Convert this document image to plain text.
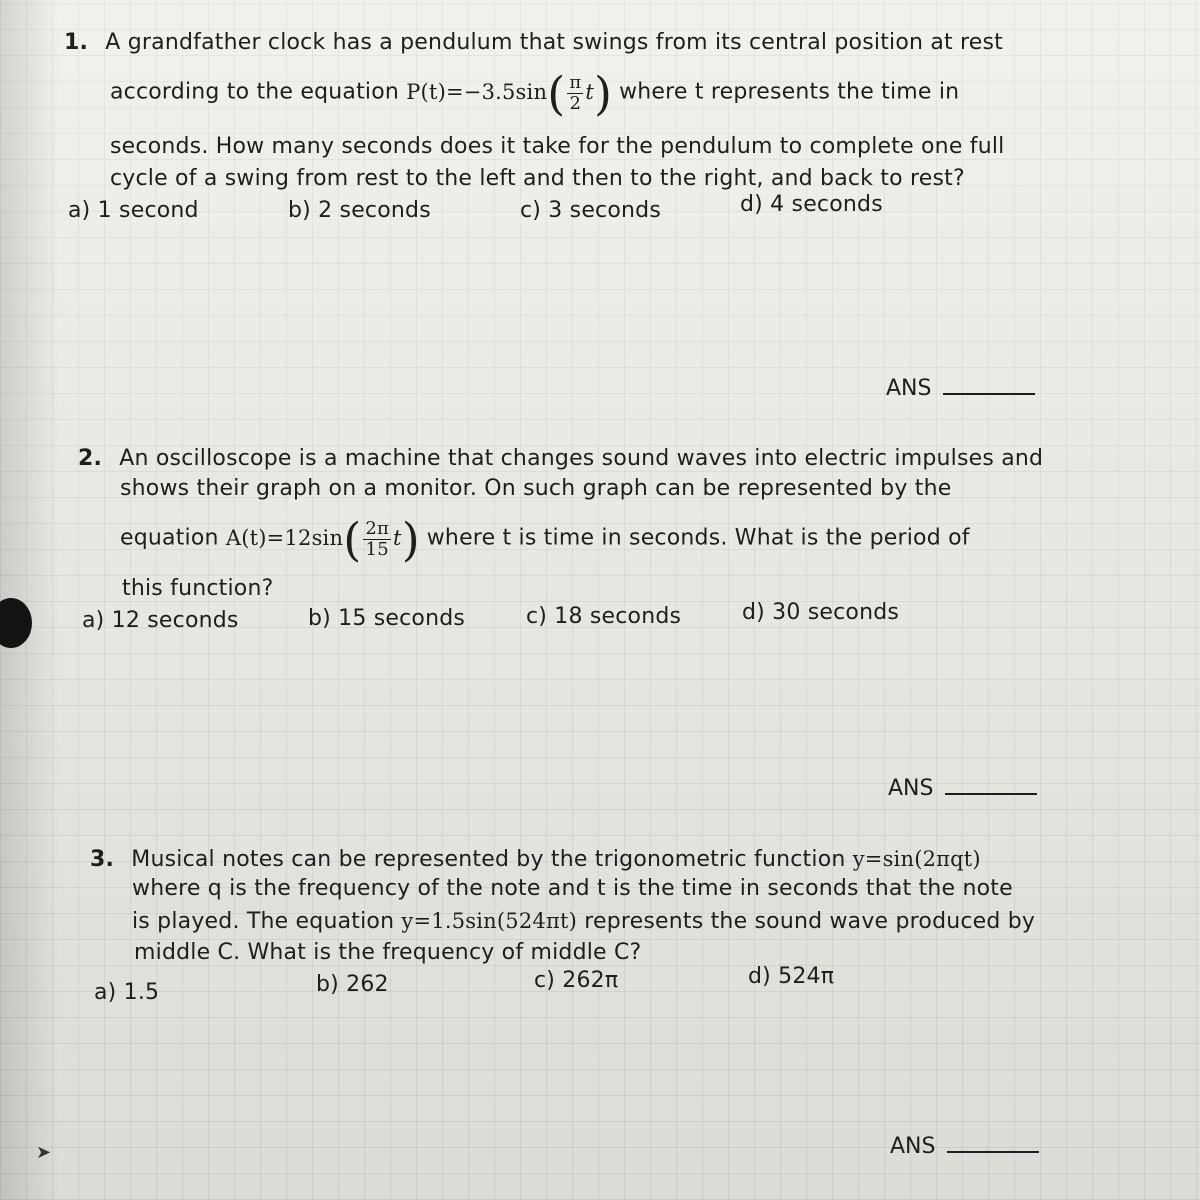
1. A grandfather clock has a pendulum that swings from its central position at rest
according to the equation $P(t)=-3.5\sin( \frac{\pi}{2} t)$ where t represents the time in
seconds. How many seconds does it take for the pendulum to complete one full
cycle of a swing from rest to the left and then to the right, and back to rest?
a) 1 second	b) 2 seconds	c) 3 seconds	d) 4 seconds
ANS
2. An oscilloscope is a machine that changes sound waves into electric impulses and
shows their graph on a monitor. On such graph can be represented by the
equation $A(t)=12\sin( \frac{2\pi}{15} t)$ where t is time in seconds. What is the period of
this function?
a) 12 seconds	b) 15 seconds	c) 18 seconds	d) 30 seconds
ANS
3. Musical notes can be represented by the trigonometric function y=sin(2πqt)
where q is the frequency of the note and t is the time in seconds that the note
is played. The equation y=1.5sin(524πt) represents the sound wave produced by
middle C. What is the frequency of middle C?
a) 1.5	b) 262	c) 262π	d) 524π
ANS
➤
